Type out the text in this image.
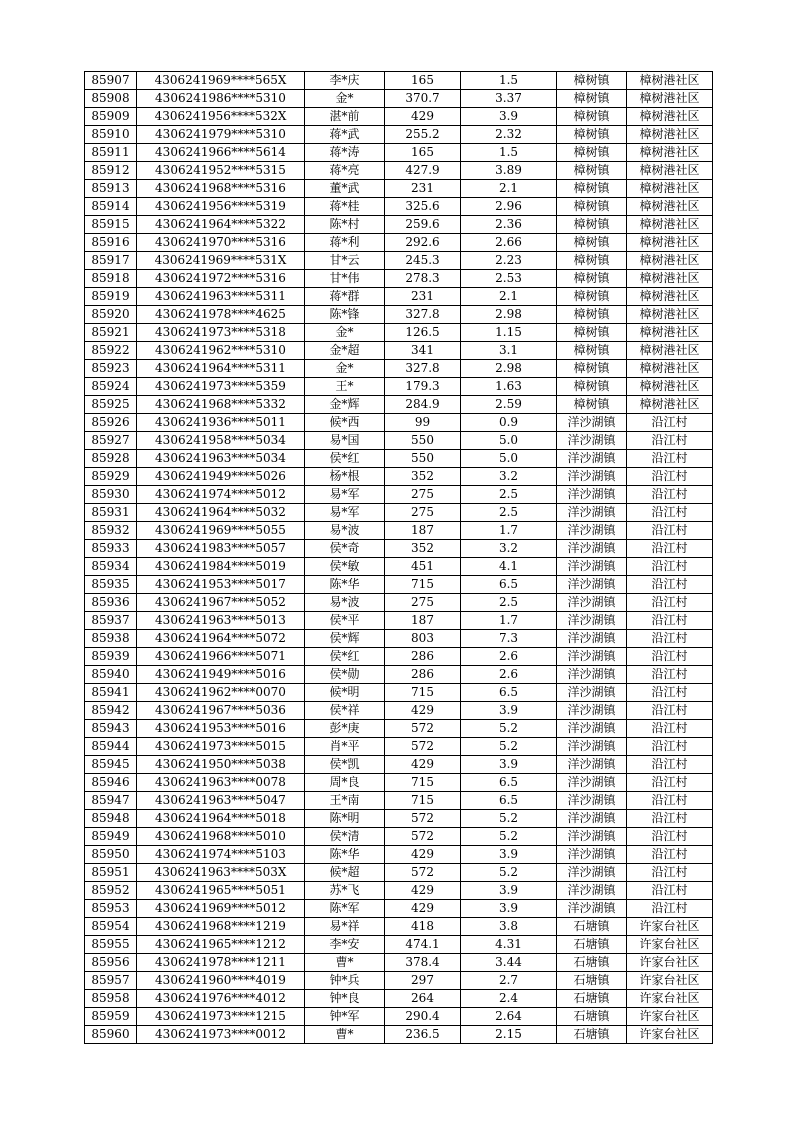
85907	4306241969****565X	李*庆	165	1.5	樟树镇	樟树港社区
85908	4306241986****5310	金*	370.7	3.37	樟树镇	樟树港社区
85909	4306241956****532X	湛*前	429	3.9	樟树镇	樟树港社区
85910	4306241979****5310	蒋*武	255.2	2.32	樟树镇	樟树港社区
85911	4306241966****5614	蒋*涛	165	1.5	樟树镇	樟树港社区
85912	4306241952****5315	蒋*亮	427.9	3.89	樟树镇	樟树港社区
85913	4306241968****5316	董*武	231	2.1	樟树镇	樟树港社区
85914	4306241956****5319	蒋*桂	325.6	2.96	樟树镇	樟树港社区
85915	4306241964****5322	陈*村	259.6	2.36	樟树镇	樟树港社区
85916	4306241970****5316	蒋*利	292.6	2.66	樟树镇	樟树港社区
85917	4306241969****531X	甘*云	245.3	2.23	樟树镇	樟树港社区
85918	4306241972****5316	甘*伟	278.3	2.53	樟树镇	樟树港社区
85919	4306241963****5311	蒋*群	231	2.1	樟树镇	樟树港社区
85920	4306241978****4625	陈*锋	327.8	2.98	樟树镇	樟树港社区
85921	4306241973****5318	金*	126.5	1.15	樟树镇	樟树港社区
85922	4306241962****5310	金*超	341	3.1	樟树镇	樟树港社区
85923	4306241964****5311	金*	327.8	2.98	樟树镇	樟树港社区
85924	4306241973****5359	王*	179.3	1.63	樟树镇	樟树港社区
85925	4306241968****5332	金*辉	284.9	2.59	樟树镇	樟树港社区
85926	4306241936****5011	候*西	99	0.9	洋沙湖镇	沿江村
85927	4306241958****5034	易*国	550	5.0	洋沙湖镇	沿江村
85928	4306241963****5034	侯*红	550	5.0	洋沙湖镇	沿江村
85929	4306241949****5026	杨*根	352	3.2	洋沙湖镇	沿江村
85930	4306241974****5012	易*军	275	2.5	洋沙湖镇	沿江村
85931	4306241964****5032	易*军	275	2.5	洋沙湖镇	沿江村
85932	4306241969****5055	易*波	187	1.7	洋沙湖镇	沿江村
85933	4306241983****5057	侯*奇	352	3.2	洋沙湖镇	沿江村
85934	4306241984****5019	侯*敏	451	4.1	洋沙湖镇	沿江村
85935	4306241953****5017	陈*华	715	6.5	洋沙湖镇	沿江村
85936	4306241967****5052	易*波	275	2.5	洋沙湖镇	沿江村
85937	4306241963****5013	侯*平	187	1.7	洋沙湖镇	沿江村
85938	4306241964****5072	侯*辉	803	7.3	洋沙湖镇	沿江村
85939	4306241966****5071	侯*红	286	2.6	洋沙湖镇	沿江村
85940	4306241949****5016	侯*勋	286	2.6	洋沙湖镇	沿江村
85941	4306241962****0070	候*明	715	6.5	洋沙湖镇	沿江村
85942	4306241967****5036	侯*祥	429	3.9	洋沙湖镇	沿江村
85943	4306241953****5016	彭*庚	572	5.2	洋沙湖镇	沿江村
85944	4306241973****5015	肖*平	572	5.2	洋沙湖镇	沿江村
85945	4306241950****5038	侯*凯	429	3.9	洋沙湖镇	沿江村
85946	4306241963****0078	周*良	715	6.5	洋沙湖镇	沿江村
85947	4306241963****5047	王*南	715	6.5	洋沙湖镇	沿江村
85948	4306241964****5018	陈*明	572	5.2	洋沙湖镇	沿江村
85949	4306241968****5010	侯*清	572	5.2	洋沙湖镇	沿江村
85950	4306241974****5103	陈*华	429	3.9	洋沙湖镇	沿江村
85951	4306241963****503X	候*超	572	5.2	洋沙湖镇	沿江村
85952	4306241965****5051	苏*飞	429	3.9	洋沙湖镇	沿江村
85953	4306241969****5012	陈*军	429	3.9	洋沙湖镇	沿江村
85954	4306241968****1219	易*祥	418	3.8	石塘镇	许家台社区
85955	4306241965****1212	李*安	474.1	4.31	石塘镇	许家台社区
85956	4306241978****1211	曹*	378.4	3.44	石塘镇	许家台社区
85957	4306241960****4019	钟*兵	297	2.7	石塘镇	许家台社区
85958	4306241976****4012	钟*良	264	2.4	石塘镇	许家台社区
85959	4306241973****1215	钟*军	290.4	2.64	石塘镇	许家台社区
85960	4306241973****0012	曹*	236.5	2.15	石塘镇	许家台社区
